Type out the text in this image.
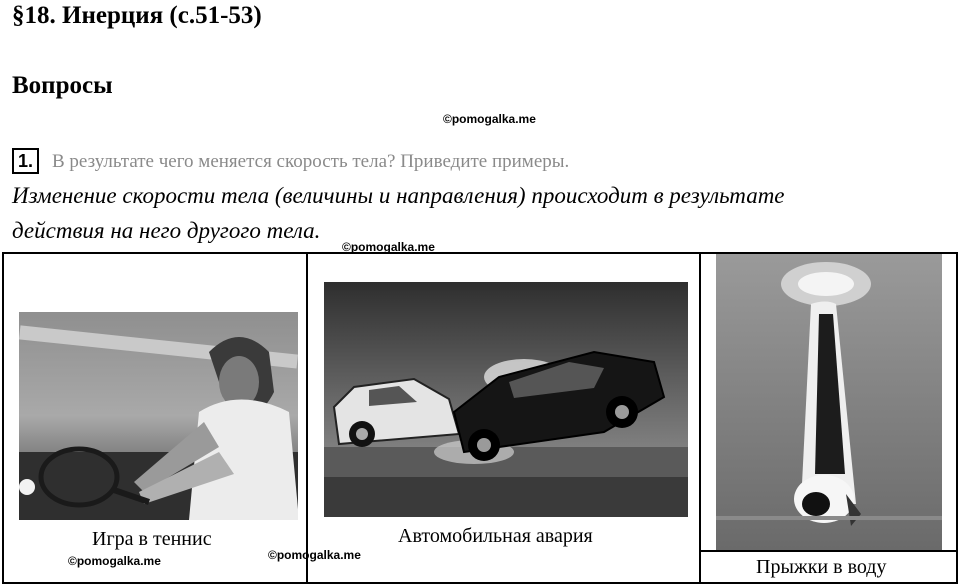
§18. Инерция (с.51-53)
Вопросы
©pomogalka.me
1.	В результате чего меняется скорость тела? Приведите примеры.
Изменение скорости тела (величины и направления) происходит в результате
действия на него другого тела.
©pomogalka.me
Игра в теннис
©pomogalka.me	©pomogalka.me
Автомобильная авария
Прыжки в воду
